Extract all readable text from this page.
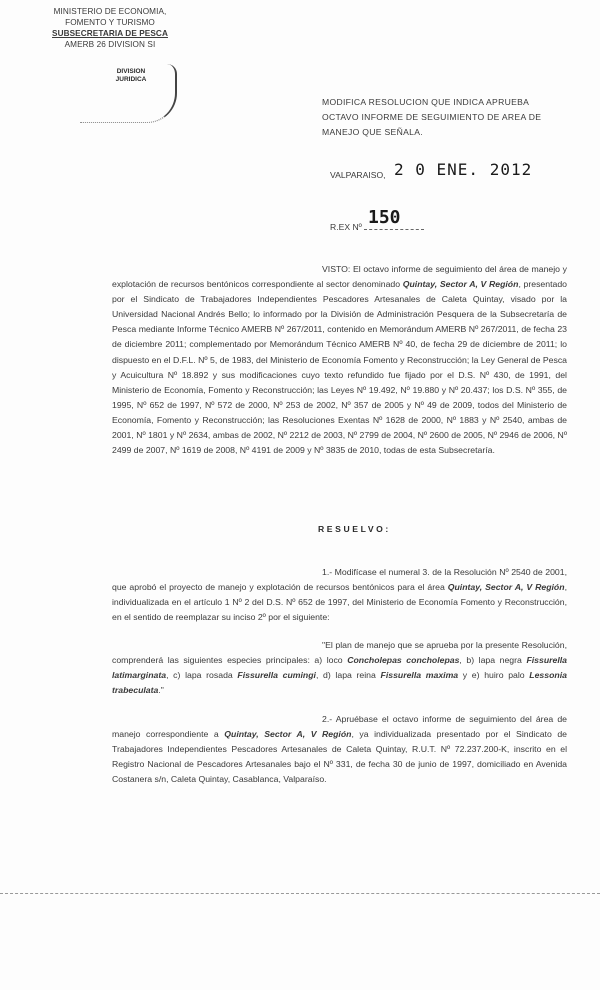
MINISTERIO DE ECONOMIA,
FOMENTO Y TURISMO
SUBSECRETARIA DE PESCA
AMERB 26 DIVISION SI
DIVISION
JURIDICA
MODIFICA RESOLUCION QUE INDICA APRUEBA OCTAVO INFORME DE SEGUIMIENTO DE AREA DE MANEJO QUE SEÑALA.
VALPARAISO, 2 0 ENE. 2012
R.EX Nº 150
VISTO: El octavo informe de seguimiento del área de manejo y explotación de recursos bentónicos correspondiente al sector denominado Quintay, Sector A, V Región, presentado por el Sindicato de Trabajadores Independientes Pescadores Artesanales de Caleta Quintay, visado por la Universidad Nacional Andrés Bello; lo informado por la División de Administración Pesquera de la Subsecretaría de Pesca mediante Informe Técnico AMERB Nº 267/2011, contenido en Memorándum AMERB Nº 267/2011, de fecha 23 de diciembre 2011; complementado por Memorándum Técnico AMERB Nº 40, de fecha 29 de diciembre de 2011; lo dispuesto en el D.F.L. Nº 5, de 1983, del Ministerio de Economía Fomento y Reconstrucción; la Ley General de Pesca y Acuicultura Nº 18.892 y sus modificaciones cuyo texto refundido fue fijado por el D.S. Nº 430, de 1991, del Ministerio de Economía, Fomento y Reconstrucción; las Leyes Nº 19.492, Nº 19.880 y Nº 20.437; los D.S. Nº 355, de 1995, Nº 652 de 1997, Nº 572 de 2000, Nº 253 de 2002, Nº 357 de 2005 y Nº 49 de 2009, todos del Ministerio de Economía, Fomento y Reconstrucción; las Resoluciones Exentas Nº 1628 de 2000, Nº 1883 y Nº 2540, ambas de 2001, Nº 1801 y Nº 2634, ambas de 2002, Nº 2212 de 2003, Nº 2799 de 2004, Nº 2600 de 2005, Nº 2946 de 2006, Nº 2499 de 2007, Nº 1619 de 2008, Nº 4191 de 2009 y Nº 3835 de 2010, todas de esta Subsecretaría.
RESUELVO:
1.- Modifícase el numeral 3. de la Resolución Nº 2540 de 2001, que aprobó el proyecto de manejo y explotación de recursos bentónicos para el área Quintay, Sector A, V Región, individualizada en el artículo 1 Nº 2 del D.S. Nº 652 de 1997, del Ministerio de Economía Fomento y Reconstrucción, en el sentido de reemplazar su inciso 2º por el siguiente:
"El plan de manejo que se aprueba por la presente Resolución, comprenderá las siguientes especies principales: a) loco Concholepas concholepas, b) lapa negra Fissurella latimarginata, c) lapa rosada Fissurella cumingi, d) lapa reina Fissurella maxima y e) huiro palo Lessonia trabeculata."
2.- Apruébase el octavo informe de seguimiento del área de manejo correspondiente a Quintay, Sector A, V Región, ya individualizada presentado por el Sindicato de Trabajadores Independientes Pescadores Artesanales de Caleta Quintay, R.U.T. Nº 72.237.200-K, inscrito en el Registro Nacional de Pescadores Artesanales bajo el Nº 331, de fecha 30 de junio de 1997, domiciliado en Avenida Costanera s/n, Caleta Quintay, Casablanca, Valparaíso.
